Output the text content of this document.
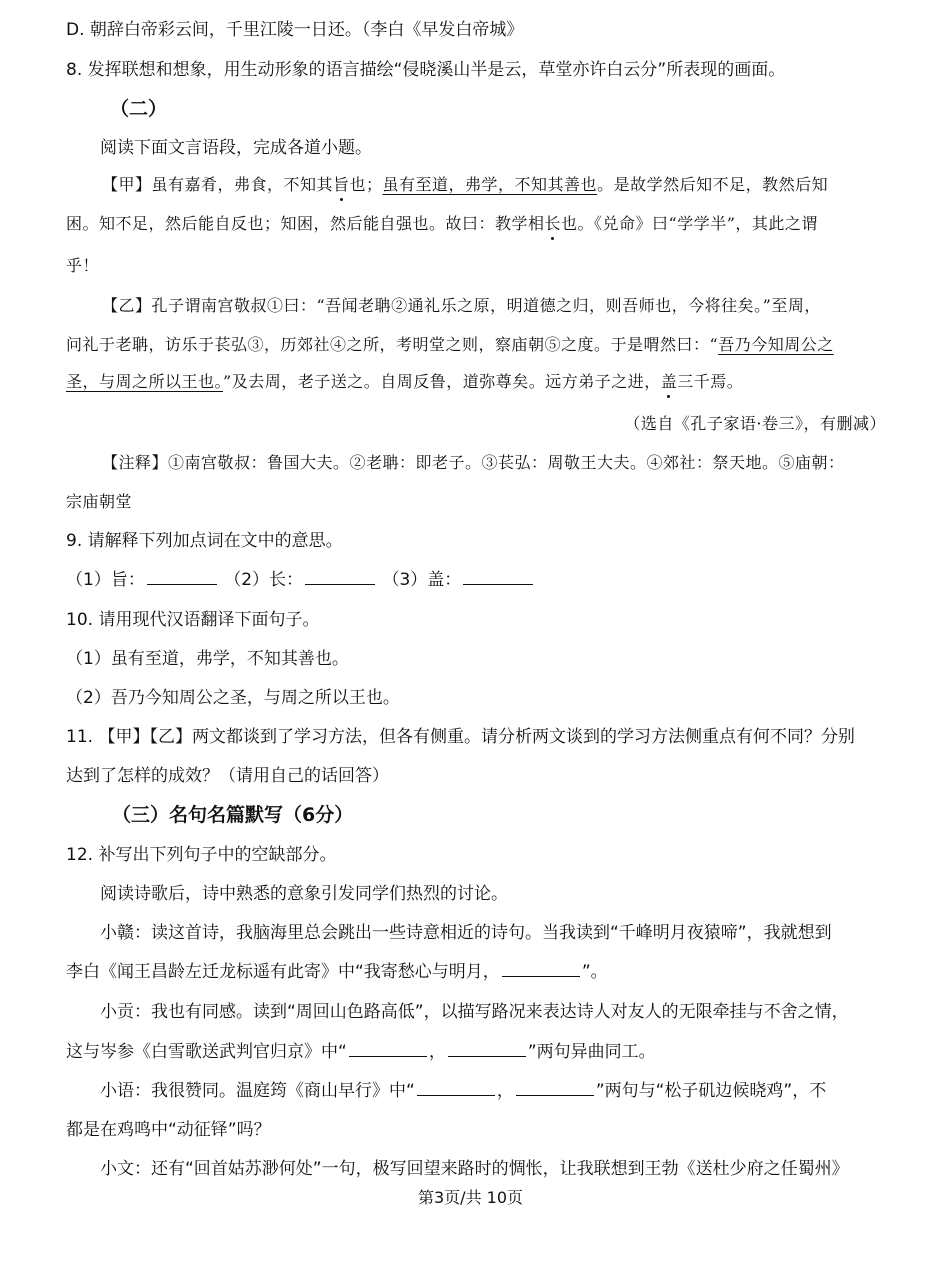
D. 朝辞白帝彩云间，千里江陵一日还。（李白《早发白帝城》
8. 发挥联想和想象，用生动形象的语言描绘“侵晓溪山半是云，草堂亦许白云分”所表现的画面。
（二）
阅读下面文言语段，完成各道小题。
【甲】虽有嘉肴，弗食，不知其旨也；虽有至道，弗学，不知其善也。是故学然后知不足，教然后知
困。知不足，然后能自反也；知困，然后能自强也。故曰：教学相长也。《兑命》曰“学学半”，其此之谓
乎！
【乙】孔子谓南宫敬叔①曰：“吾闻老聃②通礼乐之原，明道德之归，则吾师也，今将往矣。”至周，
问礼于老聃，访乐于苌弘③，历郊社④之所，考明堂之则，察庙朝⑤之度。于是喟然曰：“吾乃今知周公之
圣，与周之所以王也。”及去周，老子送之。自周反鲁，道弥尊矣。远方弟子之进，盖三千焉。
（选自《孔子家语·卷三》，有删减）
【注释】①南宫敬叔：鲁国大夫。②老聃：即老子。③苌弘：周敬王大夫。④郊社：祭天地。⑤庙朝：
宗庙朝堂
9. 请解释下列加点词在文中的意思。
（1）旨：	（2）长：	（3）盖：
10. 请用现代汉语翻译下面句子。
（1）虽有至道，弗学，不知其善也。
（2）吾乃今知周公之圣，与周之所以王也。
11. 【甲】【乙】两文都谈到了学习方法，但各有侧重。请分析两文谈到的学习方法侧重点有何不同？分别
达到了怎样的成效？（请用自己的话回答）
（三）名句名篇默写（6分）
12. 补写出下列句子中的空缺部分。
阅读诗歌后，诗中熟悉的意象引发同学们热烈的讨论。
小赣：读这首诗，我脑海里总会跳出一些诗意相近的诗句。当我读到“千峰明月夜猿啼”，我就想到
李白《闻王昌龄左迁龙标遥有此寄》中“我寄愁心与明月，	”。
小贡：我也有同感。读到“周回山色路高低”，以描写路况来表达诗人对友人的无限牵挂与不舍之情，
这与岑参《白雪歌送武判官归京》中“	，	”两句异曲同工。
小语：我很赞同。温庭筠《商山早行》中“	，	”两句与“松子矶边候晓鸡”，不
都是在鸡鸣中“动征铎”吗？
小文：还有“回首姑苏渺何处”一句，极写回望来路时的惆怅，让我联想到王勃《送杜少府之任蜀州》
第3页/共 10页
